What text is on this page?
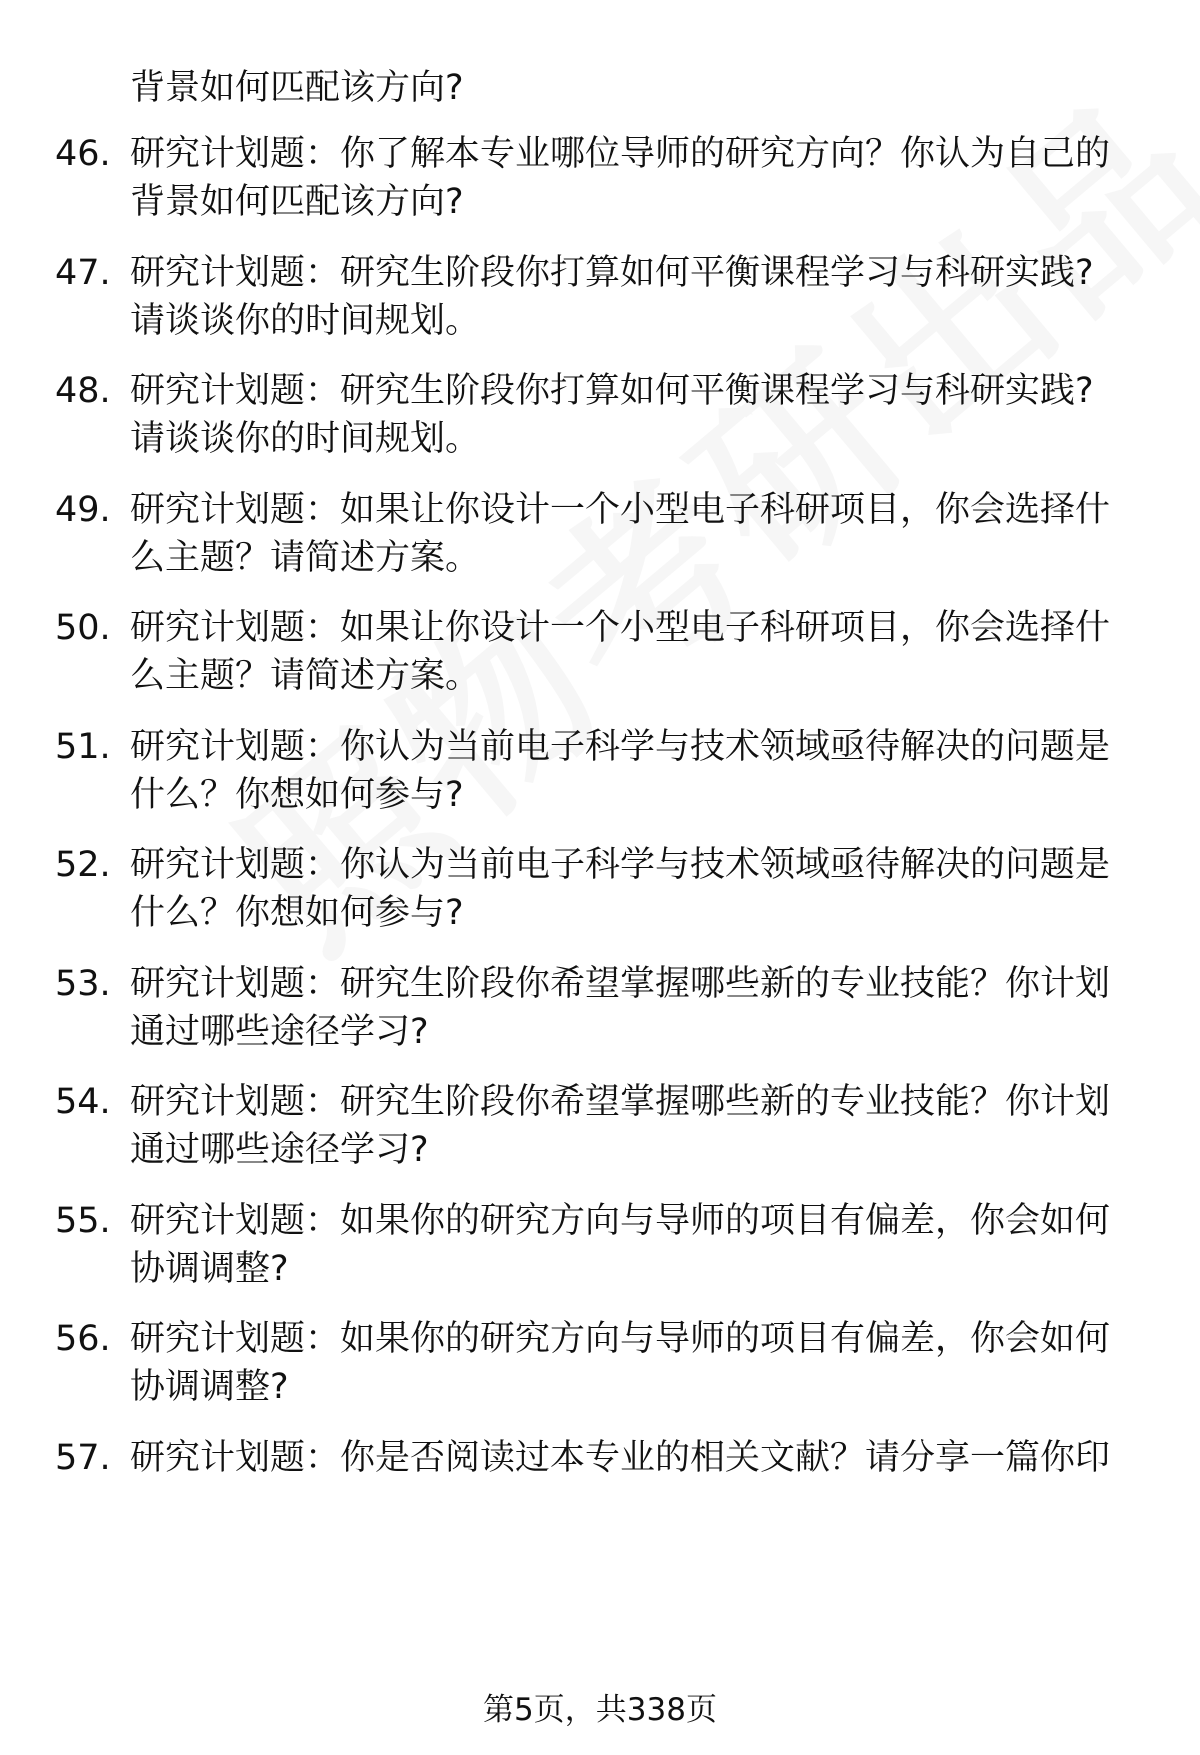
背景如何匹配该方向?
46. 研究计划题：你了解本专业哪位导师的研究方向？你认为自己的
背景如何匹配该方向?
47. 研究计划题：研究生阶段你打算如何平衡课程学习与科研实践?
请谈谈你的时间规划。
48. 研究计划题：研究生阶段你打算如何平衡课程学习与科研实践?
请谈谈你的时间规划。
49. 研究计划题：如果让你设计一个小型电子科研项目，你会选择什
么主题？请简述方案。
50. 研究计划题：如果让你设计一个小型电子科研项目，你会选择什
么主题？请简述方案。
51. 研究计划题：你认为当前电子科学与技术领域亟待解决的问题是
什么？你想如何参与?
52. 研究计划题：你认为当前电子科学与技术领域亟待解决的问题是
什么？你想如何参与?
53. 研究计划题：研究生阶段你希望掌握哪些新的专业技能？你计划
通过哪些途径学习?
54. 研究计划题：研究生阶段你希望掌握哪些新的专业技能？你计划
通过哪些途径学习?
55. 研究计划题：如果你的研究方向与导师的项目有偏差，你会如何
协调调整?
56. 研究计划题：如果你的研究方向与导师的项目有偏差，你会如何
协调调整?
57. 研究计划题：你是否阅读过本专业的相关文献？请分享一篇你印
第5页，共338页
